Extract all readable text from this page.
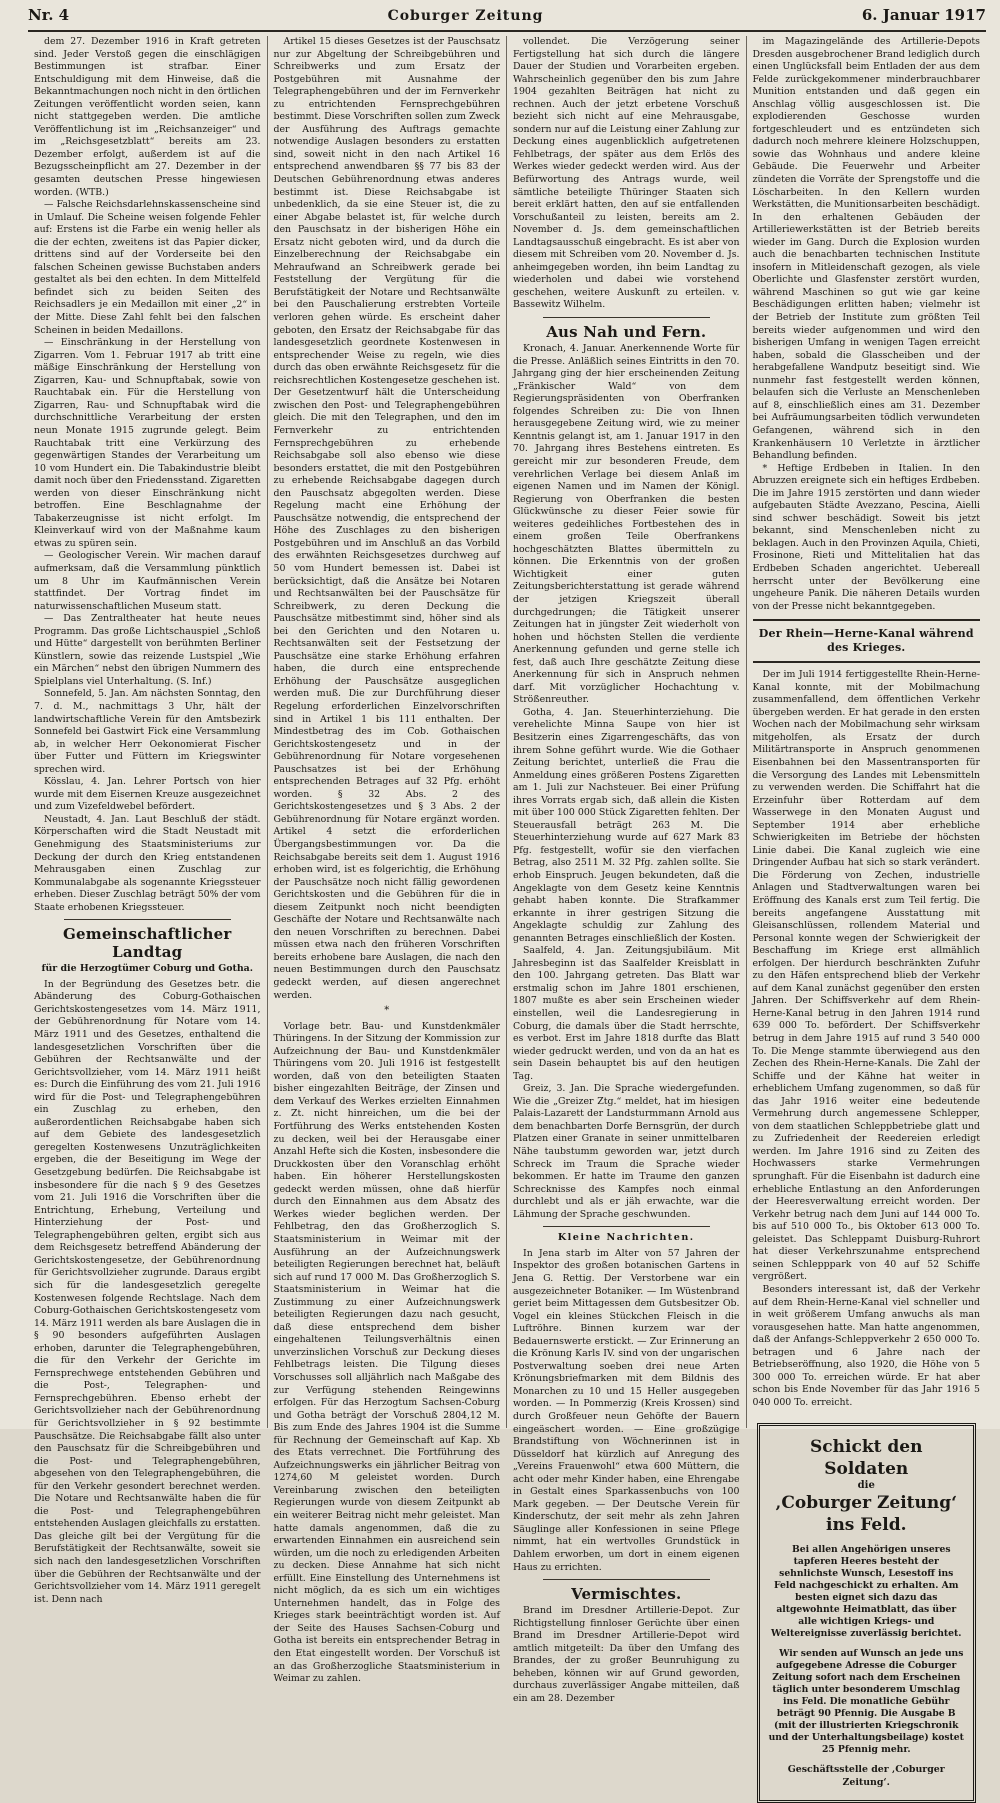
Nr. 4	Coburger Zeitung	6. Januar 1917

dem 27. Dezember 1916 in Kraft getreten sind. Jeder Verstoß gegen die einschlägigen Bestimmungen ist strafbar. Einer Entschuldigung mit dem Hinweise, daß die Bekanntmachungen noch nicht in den örtlichen Zeitungen veröffentlicht worden seien, kann nicht stattgegeben werden. Die amtliche Veröffentlichung ist im „Reichsanzeiger“ und im „Reichsgesetzblatt“ bereits am 23. Dezember erfolgt, außerdem ist auf die Bezugsscheinpflicht am 27. Dezember in der gesamten deutschen Presse hingewiesen worden. (WTB.)

— Falsche Reichsdarlehnskassenscheine sind in Umlauf. Die Scheine weisen folgende Fehler auf: Erstens ist die Farbe ein wenig heller als die der echten, zweitens ist das Papier dicker, drittens sind auf der Vorderseite bei den falschen Scheinen gewisse Buchstaben anders gestaltet als bei den echten. In dem Mittelfeld befindet sich zu beiden Seiten des Reichsadlers je ein Medaillon mit einer „2“ in der Mitte. Diese Zahl fehlt bei den falschen Scheinen in beiden Medaillons.

— Einschränkung in der Herstellung von Zigarren. Vom 1. Februar 1917 ab tritt eine mäßige Einschränkung der Herstellung von Zigarren, Kau- und Schnupftabak, sowie von Rauchtabak ein. Für die Herstellung von Zigarren, Rau- und Schnupftabak wird die durchschnittliche Verarbeitung der ersten neun Monate 1915 zugrunde gelegt. Beim Rauchtabak tritt eine Verkürzung des gegenwärtigen Standes der Verarbeitung um 10 vom Hundert ein. Die Tabakindustrie bleibt damit noch über den Friedensstand. Zigaretten werden von dieser Einschränkung nicht betroffen. Eine Beschlagnahme der Tabakerzeugnisse ist nicht erfolgt. Im Kleinverkauf wird von der Maßnahme kaum etwas zu spüren sein.

— Geologischer Verein. Wir machen darauf aufmerksam, daß die Versammlung pünktlich um 8 Uhr im Kaufmännischen Verein stattfindet. Der Vortrag findet im naturwissenschaftlichen Museum statt.

— Das Zentraltheater hat heute neues Programm. Das große Lichtschauspiel „Schloß und Hütte“ dargestellt von berühmten Berliner Künstlern, sowie das reizende Lustspiel „Wie ein Märchen“ nebst den übrigen Nummern des Spielplans viel Unterhaltung. (S. Inf.)

Sonnefeld, 5. Jan. Am nächsten Sonntag, den 7. d. M., nachmittags 3 Uhr, hält der landwirtschaftliche Verein für den Amtsbezirk Sonnefeld bei Gastwirt Fick eine Versammlung ab, in welcher Herr Oekonomierat Fischer über Futter und Füttern im Kriegswinter sprechen wird.

Kösslau, 4. Jan. Lehrer Portsch von hier wurde mit dem Eisernen Kreuze ausgezeichnet und zum Vizefeldwebel befördert.

Neustadt, 4. Jan. Laut Beschluß der städt. Körperschaften wird die Stadt Neustadt mit Genehmigung des Staatsministeriums zur Deckung der durch den Krieg entstandenen Mehrausgaben einen Zuschlag zur Kommunalabgabe als sogenannte Kriegssteuer erheben. Dieser Zuschlag beträgt 50% der vom Staate erhobenen Kriegssteuer.

Gemeinschaftlicher Landtag
für die Herzogtümer Coburg und Gotha.

In der Begründung des Gesetzes betr. die Abänderung des Coburg-Gothaischen Gerichtskostengesetzes vom 14. März 1911, der Gebührenordnung für Notare vom 14. März 1911 und des Gesetzes, enthaltend die landesgesetzlichen Vorschriften über die Gebühren der Rechtsanwälte und der Gerichtsvollzieher, vom 14. März 1911 heißt es: Durch die Einführung des vom 21. Juli 1916 wird für die Post- und Telegraphengebühren ein Zuschlag zu erheben, den außerordentlichen Reichsabgabe haben sich auf dem Gebiete des landesgesetzlich geregelten Kostenwesens Unzuträglichkeiten ergeben, die der Beseitigung im Wege der Gesetzgebung bedürfen. Die Reichsabgabe ist insbesondere für die nach § 9 des Gesetzes vom 21. Juli 1916 die Vorschriften über die Entrichtung, Erhebung, Verteilung und Hinterziehung der Post- und Telegraphengebühren gelten, ergibt sich aus dem Reichsgesetz betreffend Abänderung der Gerichtskostengesetze, der Gebührenordnung für Gerichtsvollzieher zugrunde. Daraus ergibt sich für die landesgesetzlich geregelte Kostenwesen folgende Rechtslage. Nach dem Coburg-Gothaischen Gerichtskostengesetz vom 14. März 1911 werden als bare Auslagen die in § 90 besonders aufgeführten Auslagen erhoben, darunter die Telegraphengebühren, die für den Verkehr der Gerichte im Fernsprechwege entstehenden Gebühren und die Post-, Telegraphen- und Fernsprechgebühren. Ebenso erhebt der Gerichtsvollzieher nach der Gebührenordnung für Gerichtsvollzieher in § 92 bestimmte Pauschsätze. Die Reichsabgabe fällt also unter den Pauschsatz für die Schreibgebühren und die Post- und Telegraphengebühren, abgesehen von den Telegraphengebühren, die für den Verkehr gesondert berechnet werden. Die Notare und Rechtsanwälte haben die für die Post- und Telegraphengebühren entstehenden Auslagen gleichfalls zu erstatten. Das gleiche gilt bei der Vergütung für die Berufstätigkeit der Rechtsanwälte, soweit sie sich nach den landesgesetzlichen Vorschriften über die Gebühren der Rechtsanwälte und der Gerichtsvollzieher vom 14. März 1911 geregelt ist. Denn nach

Artikel 15 dieses Gesetzes ist der Pauschsatz nur zur Abgeltung der Schreibgebühren und Schreibwerks und zum Ersatz der Postgebühren mit Ausnahme der Telegraphengebühren und der im Fernverkehr zu entrichtenden Fernsprechgebühren bestimmt. Diese Vorschriften sollen zum Zweck der Ausführung des Auftrags gemachte notwendige Auslagen besonders zu erstatten sind, soweit nicht in den nach Artikel 16 entsprechend anwendbaren §§ 77 bis 83 der Deutschen Gebührenordnung etwas anderes bestimmt ist. Diese Reichsabgabe ist unbedenklich, da sie eine Steuer ist, die zu einer Abgabe belastet ist, für welche durch den Pauschsatz in der bisherigen Höhe ein Ersatz nicht geboten wird, und da durch die Einzelberechnung der Reichsabgabe ein Mehraufwand an Schreibwerk gerade bei Feststellung der Vergütung für die Berufstätigkeit der Notare und Rechtsanwälte bei den Pauschalierung erstrebten Vorteile verloren gehen würde. Es erscheint daher geboten, den Ersatz der Reichsabgabe für das landesgesetzlich geordnete Kostenwesen in entsprechender Weise zu regeln, wie dies durch das oben erwähnte Reichsgesetz für die reichsrechtlichen Kostengesetze geschehen ist. Der Gesetzentwurf hält die Unterscheidung zwischen den Post- und Telegraphengebühren gleich. Die mit den Telegraphen, und den im Fernverkehr zu entrichtenden Fernsprechgebühren zu erhebende Reichsabgabe soll also ebenso wie diese besonders erstattet, die mit den Postgebühren zu erhebende Reichsabgabe dagegen durch den Pauschsatz abgegolten werden. Diese Regelung macht eine Erhöhung der Pauschsätze notwendig, die entsprechend der Höhe des Zuschlages zu den bisherigen Postgebühren und im Anschluß an das Vorbild des erwähnten Reichsgesetzes durchweg auf 50 vom Hundert bemessen ist. Dabei ist berücksichtigt, daß die Ansätze bei Notaren und Rechtsanwälten bei der Pauschsätze für Schreibwerk, zu deren Deckung die Pauschsätze mitbestimmt sind, höher sind als bei den Gerichten und den Notaren u. Rechtsanwälten seit der Festsetzung der Pauschsätze eine starke Erhöhung erfahren haben, die durch eine entsprechende Erhöhung der Pauschsätze ausgeglichen werden muß. Die zur Durchführung dieser Regelung erforderlichen Einzelvorschriften sind in Artikel 1 bis 111 enthalten. Der Mindestbetrag des im Cob. Gothaischen Gerichtskostengesetz und in der Gebührenordnung für Notare vorgesehenen Pauschsatzes ist bei der Erhöhung entsprechenden Betrages auf 32 Pfg. erhöht worden. § 32 Abs. 2 des Gerichtskostengesetzes und § 3 Abs. 2 der Gebührenordnung für Notare ergänzt worden. Artikel 4 setzt die erforderlichen Übergangsbestimmungen vor. Da die Reichsabgabe bereits seit dem 1. August 1916 erhoben wird, ist es folgerichtig, die Erhöhung der Pauschsätze noch nicht fällig gewordenen Gerichtskosten und die Gebühren für die in diesem Zeitpunkt noch nicht beendigten Geschäfte der Notare und Rechtsanwälte nach den neuen Vorschriften zu berechnen. Dabei müssen etwa nach den früheren Vorschriften bereits erhobene bare Auslagen, die nach den neuen Bestimmungen durch den Pauschsatz gedeckt werden, auf diesen angerechnet werden.

*

Vorlage betr. Bau- und Kunstdenkmäler Thüringens. In der Sitzung der Kommission zur Aufzeichnung der Bau- und Kunstdenkmäler Thüringens vom 20. Juli 1916 ist festgestellt worden, daß von den beteiligten Staaten bisher eingezahlten Beiträge, der Zinsen und dem Verkauf des Werkes erzielten Einnahmen z. Zt. nicht hinreichen, um die bei der Fortführung des Werks entstehenden Kosten zu decken, weil bei der Herausgabe einer Anzahl Hefte sich die Kosten, insbesondere die Druckkosten über den Voranschlag erhöht haben. Ein höherer Herstellungskosten gedeckt werden müssen, ohne daß hierfür durch den Einnahmen aus dem Absatz des Werkes wieder beglichen werden. Der Fehlbetrag, den das Großherzoglich S. Staatsministerium in Weimar mit der Ausführung an der Aufzeichnungswerk beteiligten Regierungen berechnet hat, beläuft sich auf rund 17 000 M. Das Großherzoglich S. Staatsministerium in Weimar hat die Zustimmung zu einer Aufzeichnungswerk beteiligten Regierungen dazu nach gesucht, daß diese entsprechend dem bisher eingehaltenen Teilungsverhältnis einen unverzinslichen Vorschuß zur Deckung dieses Fehlbetrags leisten. Die Tilgung dieses Vorschusses soll alljährlich nach Maßgabe des zur Verfügung stehenden Reingewinns erfolgen. Für das Herzogtum Sachsen-Coburg und Gotha beträgt der Vorschuß 2804,12 M. Bis zum Ende des Jahres 1904 ist die Summe für Rechnung der Gemeinschaft auf Kap. Xb des Etats verrechnet. Die Fortführung des Aufzeichnungswerks ein jährlicher Beitrag von 1274,60 M geleistet worden. Durch Vereinbarung zwischen den beteiligten Regierungen wurde von diesem Zeitpunkt ab ein weiterer Beitrag nicht mehr geleistet. Man hatte damals angenommen, daß die zu erwartenden Einnahmen ein ausreichend sein würden, um die noch zu erledigenden Arbeiten zu decken. Diese Annahme hat sich nicht erfüllt. Eine Einstellung des Unternehmens ist nicht möglich, da es sich um ein wichtiges Unternehmen handelt, das in Folge des Krieges stark beeinträchtigt worden ist. Auf der Seite des Hauses Sachsen-Coburg und Gotha ist bereits ein entsprechender Betrag in den Etat eingestellt worden. Der Vorschuß ist an das Großherzogliche Staatsministerium in Weimar zu zahlen.

vollendet. Die Verzögerung seiner Fertigstellung hat sich durch die längere Dauer der Studien und Vorarbeiten ergeben. Wahrscheinlich gegenüber den bis zum Jahre 1904 gezahlten Beiträgen hat nicht zu rechnen. Auch der jetzt erbetene Vorschuß bezieht sich nicht auf eine Mehrausgabe, sondern nur auf die Leistung einer Zahlung zur Deckung eines augenblicklich aufgetretenen Fehlbetrags, der später aus dem Erlös des Werkes wieder gedeckt werden wird. Aus der Befürwortung des Antrags wurde, weil sämtliche beteiligte Thüringer Staaten sich bereit erklärt hatten, den auf sie entfallenden Vorschußanteil zu leisten, bereits am 2. November d. Js. dem gemeinschaftlichen Landtagsausschuß eingebracht. Es ist aber von diesem mit Schreiben vom 20. November d. Js. anheimgegeben worden, ihn beim Landtag zu wiederholen und dabei wie vorstehend geschehen, weitere Auskunft zu erteilen. v. Bassewitz Wilhelm.

Aus Nah und Fern.

Kronach, 4. Januar. Anerkennende Worte für die Presse. Anläßlich seines Eintritts in den 70. Jahrgang ging der hier erscheinenden Zeitung „Fränkischer Wald“ von dem Regierungspräsidenten von Oberfranken folgendes Schreiben zu: Die von Ihnen herausgegebene Zeitung wird, wie zu meiner Kenntnis gelangt ist, am 1. Januar 1917 in den 70. Jahrgang ihres Bestehens eintreten. Es gereicht mir zur besonderen Freude, dem verehrlichen Verlage bei diesem Anlaß im eigenen Namen und im Namen der Königl. Regierung von Oberfranken die besten Glückwünsche zu dieser Feier sowie für weiteres gedeihliches Fortbestehen des in einem großen Teile Oberfrankens hochgeschätzten Blattes übermitteln zu können. Die Erkenntnis von der großen Wichtigkeit einer guten Zeitungsberichterstattung ist gerade während der jetzigen Kriegszeit überall durchgedrungen; die Tätigkeit unserer Zeitungen hat in jüngster Zeit wiederholt von hohen und höchsten Stellen die verdiente Anerkennung gefunden und gerne stelle ich fest, daß auch Ihre geschätzte Zeitung diese Anerkennung für sich in Anspruch nehmen darf. Mit vorzüglicher Hochachtung v. Strößenreuther.

Gotha, 4. Jan. Steuerhinterziehung. Die verehelichte Minna Saupe von hier ist Besitzerin eines Zigarrengeschäfts, das von ihrem Sohne geführt wurde. Wie die Gothaer Zeitung berichtet, unterließ die Frau die Anmeldung eines größeren Postens Zigaretten am 1. Juli zur Nachsteuer. Bei einer Prüfung ihres Vorrats ergab sich, daß allein die Kisten mit über 100 000 Stück Zigaretten fehlten. Der Steuerausfall beträgt 263 M. Die Steuerhinterziehung wurde auf 627 Mark 83 Pfg. festgestellt, wofür sie den vierfachen Betrag, also 2511 M. 32 Pfg. zahlen sollte. Sie erhob Einspruch. Jeugen bekundeten, daß die Angeklagte von dem Gesetz keine Kenntnis gehabt haben konnte. Die Strafkammer erkannte in ihrer gestrigen Sitzung die Angeklagte schuldig zur Zahlung des genannten Betrages einschließlich der Kosten.

Saalfeld, 4. Jan. Zeitungsjubiläum. Mit Jahresbeginn ist das Saalfelder Kreisblatt in den 100. Jahrgang getreten. Das Blatt war erstmalig schon im Jahre 1801 erschienen, 1807 mußte es aber sein Erscheinen wieder einstellen, weil die Landesregierung in Coburg, die damals über die Stadt herrschte, es verbot. Erst im Jahre 1818 durfte das Blatt wieder gedruckt werden, und von da an hat es sein Dasein behauptet bis auf den heutigen Tag.

Greiz, 3. Jan. Die Sprache wiedergefunden. Wie die „Greizer Ztg.“ meldet, hat im hiesigen Palais-Lazarett der Landsturmmann Arnold aus dem benachbarten Dorfe Bernsgrün, der durch Platzen einer Granate in seiner unmittelbaren Nähe taubstumm geworden war, jetzt durch Schreck im Traum die Sprache wieder bekommen. Er hatte im Traume den ganzen Schrecknisse des Kampfes noch einmal durchlebt und als er jäh erwachte, war die Lähmung der Sprache geschwunden.

Kleine Nachrichten.

In Jena starb im Alter von 57 Jahren der Inspektor des großen botanischen Gartens in Jena G. Rettig. Der Verstorbene war ein ausgezeichneter Botaniker. — Im Wüstenbrand geriet beim Mittagessen dem Gutsbesitzer Ob. Vogel ein kleines Stückchen Fleisch in die Luftröhre. Binnen kurzem war der Bedauernswerte erstickt. — Zur Erinnerung an die Krönung Karls IV. sind von der ungarischen Postverwaltung soeben drei neue Arten Krönungsbriefmarken mit dem Bildnis des Monarchen zu 10 und 15 Heller ausgegeben worden. — In Pommerzig (Kreis Krossen) sind durch Großfeuer neun Gehöfte der Bauern eingeäschert worden. — Eine großzügige Brandstiftung von Wöchnerinnen ist in Düsseldorf hat kürzlich auf Anregung des „Vereins Frauenwohl“ etwa 600 Müttern, die acht oder mehr Kinder haben, eine Ehrengabe in Gestalt eines Sparkassenbuchs von 100 Mark gegeben. — Der Deutsche Verein für Kinderschutz, der seit mehr als zehn Jahren Säuglinge aller Konfessionen in seine Pflege nimmt, hat ein wertvolles Grundstück in Dahlem erworben, um dort in einem eigenen Haus zu errichten.

Vermischtes.

Brand im Dresdner Artillerie-Depot. Zur Richtigstellung finnloser Gerüchte über einen Brand im Dresdner Artillerie-Depot wird amtlich mitgeteilt: Da über den Umfang des Brandes, der zu großer Beunruhigung zu beheben, können wir auf Grund geworden, durchaus zuverlässiger Angabe mitteilen, daß ein am 28. Dezember

im Magazingelände des Artillerie-Depots Dresden ausgebrochener Brand lediglich durch einen Unglücksfall beim Entladen der aus dem Felde zurückgekommener minderbrauchbarer Munition entstanden und daß gegen ein Anschlag völlig ausgeschlossen ist. Die explodierenden Geschosse wurden fortgeschleudert und es entzündeten sich dadurch noch mehrere kleinere Holzschuppen, sowie das Wohnhaus und andere kleine Gebäude. Die Feuerwehr und Arbeiter zündeten die Vorräte der Sprengstoffe und die Löscharbeiten. In den Kellern wurden Werkstätten, die Munitionsarbeiten beschädigt. In den erhaltenen Gebäuden der Artilleriewerkstätten ist der Betrieb bereits wieder im Gang. Durch die Explosion wurden auch die benachbarten technischen Institute insofern in Mitleidenschaft gezogen, als viele Oberlichte und Glasfenster zerstört wurden, während Maschinen so gut wie gar keine Beschädigungen erlitten haben; vielmehr ist der Betrieb der Institute zum größten Teil bereits wieder aufgenommen und wird den bisherigen Umfang in wenigen Tagen erreicht haben, sobald die Glasscheiben und der herabgefallene Wandputz beseitigt sind. Wie nunmehr fast festgestellt werden können, belaufen sich die Verluste an Menschenleben auf 8, einschließlich eines am 31. Dezember bei Aufräumungsarbeiten tödlich verwundeten Gefangenen, während sich in den Krankenhäusern 10 Verletzte in ärztlicher Behandlung befinden.

* Heftige Erdbeben in Italien. In den Abruzzen ereignete sich ein heftiges Erdbeben. Die im Jahre 1915 zerstörten und dann wieder aufgebauten Städte Avezzano, Pescina, Aielli sind schwer beschädigt. Soweit bis jetzt bekannt, sind Menschenleben nicht zu beklagen. Auch in den Provinzen Aquila, Chieti, Frosinone, Rieti und Mittelitalien hat das Erdbeben Schaden angerichtet. Uebereall herrscht unter der Bevölkerung eine ungeheure Panik. Die näheren Details wurden von der Presse nicht bekanntgegeben.

Der Rhein—Herne-Kanal während des Krieges.

Der im Juli 1914 fertiggestellte Rhein-Herne-Kanal konnte, mit der Mobilmachung zusammenfallend, dem öffentlichen Verkehr übergeben werden. Er hat gerade in den ersten Wochen nach der Mobilmachung sehr wirksam mitgeholfen, als Ersatz der durch Militärtransporte in Anspruch genommenen Eisenbahnen bei den Massentransporten für die Versorgung des Landes mit Lebensmitteln zu verwenden werden. Die Schiffahrt hat die Erzeinfuhr über Rotterdam auf dem Wasserwege in den Monaten August und September 1914 aber erhebliche Schwierigkeiten im Betriebe der höchsten Linie dabei. Die Kanal zugleich wie eine Dringender Aufbau hat sich so stark verändert. Die Förderung von Zechen, industrielle Anlagen und Stadtverwaltungen waren bei Eröffnung des Kanals erst zum Teil fertig. Die bereits angefangene Ausstattung mit Gleisanschlüssen, rollendem Material und Personal konnte wegen der Schwierigkeit der Beschaffung im Kriege erst allmählich erfolgen. Der hierdurch beschränkten Zufuhr zu den Häfen entsprechend blieb der Verkehr auf dem Kanal zunächst gegenüber den ersten Jahren. Der Schiffsverkehr auf dem Rhein-Herne-Kanal betrug in den Jahren 1914 rund 639 000 To. befördert. Der Schiffsverkehr betrug in dem Jahre 1915 auf rund 3 540 000 To. Die Menge stammte überwiegend aus den Zechen des Rhein-Herne-Kanals. Die Zahl der Schiffe und der Kähne hat weiter in erheblichem Umfang zugenommen, so daß für das Jahr 1916 weiter eine bedeutende Vermehrung durch angemessene Schlepper, von dem staatlichen Schleppbetriebe glatt und zu Zufriedenheit der Reedereien erledigt werden. Im Jahre 1916 sind zu Zeiten des Hochwassers starke Vermehrungen sprunghaft. Für die Eisenbahn ist dadurch eine erhebliche Entlastung an den Anforderungen der Heeresverwaltung erreicht worden. Der Verkehr betrug nach dem Juni auf 144 000 To. bis auf 510 000 To., bis Oktober 613 000 To. geleistet. Das Schleppamt Duisburg-Ruhrort hat dieser Verkehrszunahme entsprechend seinen Schlepppark von 40 auf 52 Schiffe vergrößert.

Besonders interessant ist, daß der Verkehr auf dem Rhein-Herne-Kanal viel schneller und in weit größerem Umfang anwuchs als man vorausgesehen hatte. Man hatte angenommen, daß der Anfangs-Schleppverkehr 2 650 000 To. betragen und 6 Jahre nach der Betriebseröffnung, also 1920, die Höhe von 5 300 000 To. erreichen würde. Er hat aber schon bis Ende November für das Jahr 1916 5 040 000 To. erreicht.

Schickt den Soldaten
die
‚Coburger Zeitung‘
ins Feld.

Bei allen Angehörigen unseres tapferen Heeres besteht der sehnlichste Wunsch, Lesestoff ins Feld nachgeschickt zu erhalten. Am besten eignet sich dazu das altgewohnte Heimatblatt, das über alle wichtigen Kriegs- und Weltereignisse zuverlässig berichtet.

Wir senden auf Wunsch an jede uns aufgegebene Adresse die Coburger Zeitung sofort nach dem Erscheinen täglich unter besonderem Umschlag ins Feld. Die monatliche Gebühr beträgt 90 Pfennig. Die Ausgabe B (mit der illustrierten Kriegschronik und der Unterhaltungsbeilage) kostet 25 Pfennig mehr.

Geschäftsstelle der ‚Coburger Zeitung‘.
